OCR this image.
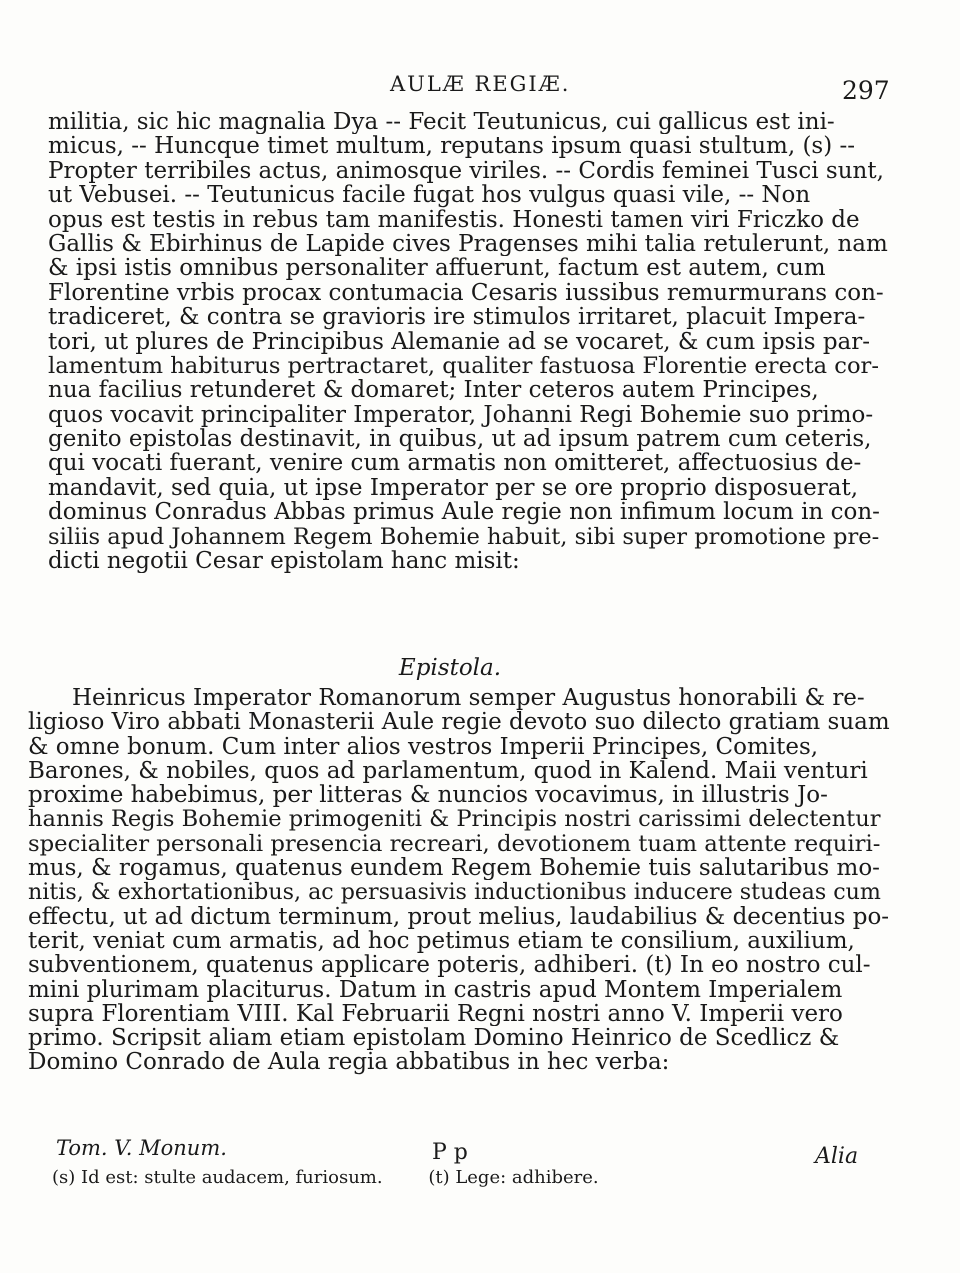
AULÆ REGIÆ.	297
militia, sic hic magnalia Dya -- Fecit Teutunicus, cui gallicus est ini-
micus, -- Huncque timet multum, reputans ipsum quasi stultum, (s) --
Propter terribiles actus, animosque viriles. -- Cordis feminei Tusci sunt,
ut Vebusei. -- Teutunicus facile fugat hos vulgus quasi vile, -- Non
opus est testis in rebus tam manifestis. Honesti tamen viri Friczko de
Gallis & Ebirhinus de Lapide cives Pragenses mihi talia retulerunt, nam
& ipsi istis omnibus personaliter affuerunt, factum est autem, cum
Florentine vrbis procax contumacia Cesaris iussibus remurmurans con-
tradiceret, & contra se gravioris ire stimulos irritaret, placuit Impera-
tori, ut plures de Principibus Alemanie ad se vocaret, & cum ipsis par-
lamentum habiturus pertractaret, qualiter fastuosa Florentie erecta cor-
nua facilius retunderet & domaret; Inter ceteros autem Principes,
quos vocavit principaliter Imperator, Johanni Regi Bohemie suo primo-
genito epistolas destinavit, in quibus, ut ad ipsum patrem cum ceteris,
qui vocati fuerant, venire cum armatis non omitteret, affectuosius de-
mandavit, sed quia, ut ipse Imperator per se ore proprio disposuerat,
dominus Conradus Abbas primus Aule regie non infimum locum in con-
siliis apud Johannem Regem Bohemie habuit, sibi super promotione pre-
dicti negotii Cesar epistolam hanc misit:
Epistola.
Heinricus Imperator Romanorum semper Augustus honorabili & re-
ligioso Viro abbati Monasterii Aule regie devoto suo dilecto gratiam suam
& omne bonum. Cum inter alios vestros Imperii Principes, Comites,
Barones, & nobiles, quos ad parlamentum, quod in Kalend. Maii venturi
proxime habebimus, per litteras & nuncios vocavimus, in illustris Jo-
hannis Regis Bohemie primogeniti & Principis nostri carissimi delectentur
specialiter personali presencia recreari, devotionem tuam attente requiri-
mus, & rogamus, quatenus eundem Regem Bohemie tuis salutaribus mo-
nitis, & exhortationibus, ac persuasivis inductionibus inducere studeas cum
effectu, ut ad dictum terminum, prout melius, laudabilius & decentius po-
terit, veniat cum armatis, ad hoc petimus etiam te consilium, auxilium,
subventionem, quatenus applicare poteris, adhiberi. (t) In eo nostro cul-
mini plurimam placiturus. Datum in castris apud Montem Imperialem
supra Florentiam VIII. Kal Februarii Regni nostri anno V. Imperii vero
primo. Scripsit aliam etiam epistolam Domino Heinrico de Scedlicz &
Domino Conrado de Aula regia abbatibus in hec verba:
Tom. V. Monum.	P p	Alia
(s) Id est: stulte audacem, furiosum.	(t) Lege: adhibere.
